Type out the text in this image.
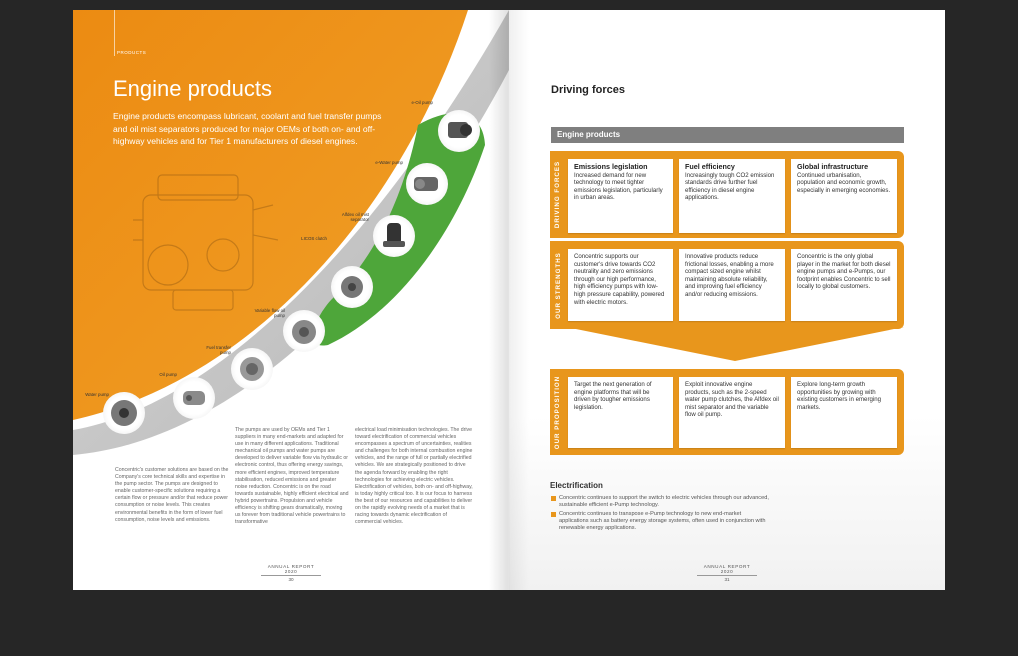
PRODUCTS
Engine products

Engine products encompass lubricant, coolant and fuel transfer pumps and oil mist separators produced for major OEMs of both on- and off-highway vehicles and for Tier 1 manufacturers of diesel engines.

e-Oil pump
e-Water pump
Alfdex oil mist separator
LICOS clutch
Variable flow oil pump
Fuel transfer pump
Oil pump
Water pump
Concentric's customer solutions are based on the Company's core technical skills and expertise in the pump sector. The pumps are designed to enable customer-specific solutions requiring a certain flow or pressure and/or that reduce power consumption or noise levels. This creates environmental benefits in the form of lower fuel consumption, noise levels and emissions.
The pumps are used by OEMs and Tier 1 suppliers in many end-markets and adapted for use in many different applications. Traditional mechanical oil pumps and water pumps are developed to deliver variable flow via hydraulic or electronic control, thus offering energy savings, more efficient engines, improved temperature stabilisation, reduced emissions and greater noise reduction. Concentric is on the road towards sustainable, highly efficient electrical and hybrid powertrains. Propulsion and vehicle efficiency is shifting gears dramatically, moving us forever from traditional vehicle powertrains to transformative
electrical load minimisation technologies. The drive toward electrification of commercial vehicles encompasses a spectrum of uncertainties, realities and challenges for both internal combustion engine vehicles, and the range of full or partially electrified vehicles. We are strategically positioned to drive the agenda forward by enabling the right technologies for achieving electric vehicles. Electrification of vehicles, both on- and off-highway, is today highly critical too. It is our focus to harness the best of our resources and capabilities to deliver on the rapidly evolving needs of a market that is racing towards dynamic electrification of commercial vehicles.
ANNUAL REPORT 2020
30
Driving forces
Engine products
DRIVING FORCES Emissions legislation
Increased demand for new technology to meet tighter emissions legislation, particularly in urban areas.
Fuel efficiency
Increasingly tough CO2 emission standards drive further fuel efficiency in diesel engine applications.
Global infrastructure
Continued urbanisation, population and economic growth, especially in emerging economies.
OUR STRENGTHS	Concentric supports our customer's drive towards CO2 neutrality and zero emissions through our high performance, high efficiency pumps with low-high pressure capability, powered with electric motors.
Innovative products reduce frictional losses, enabling a more compact sized engine whilst maintaining absolute reliability, and improving fuel efficiency and/or reducing emissions.
Concentric is the only global player in the market for both diesel engine pumps and e-Pumps, our footprint enables Concentric to sell locally to global customers.
OUR PROPOSITION	Target the next generation of engine platforms that will be driven by tougher emissions legislation.
Exploit innovative engine products, such as the 2-speed water pump clutches, the Alfdex oil mist separator and the variable flow oil pump.
Explore long-term growth opportunities by growing with existing customers in emerging markets.
Electrification
Concentric continues to support the switch to electric vehicles through our advanced, sustainable efficient e-Pump technology.
Concentric continues to transpose e-Pump technology to new end-market applications such as battery energy storage systems, often used in conjunction with renewable energy applications.
ANNUAL REPORT 2020
31
